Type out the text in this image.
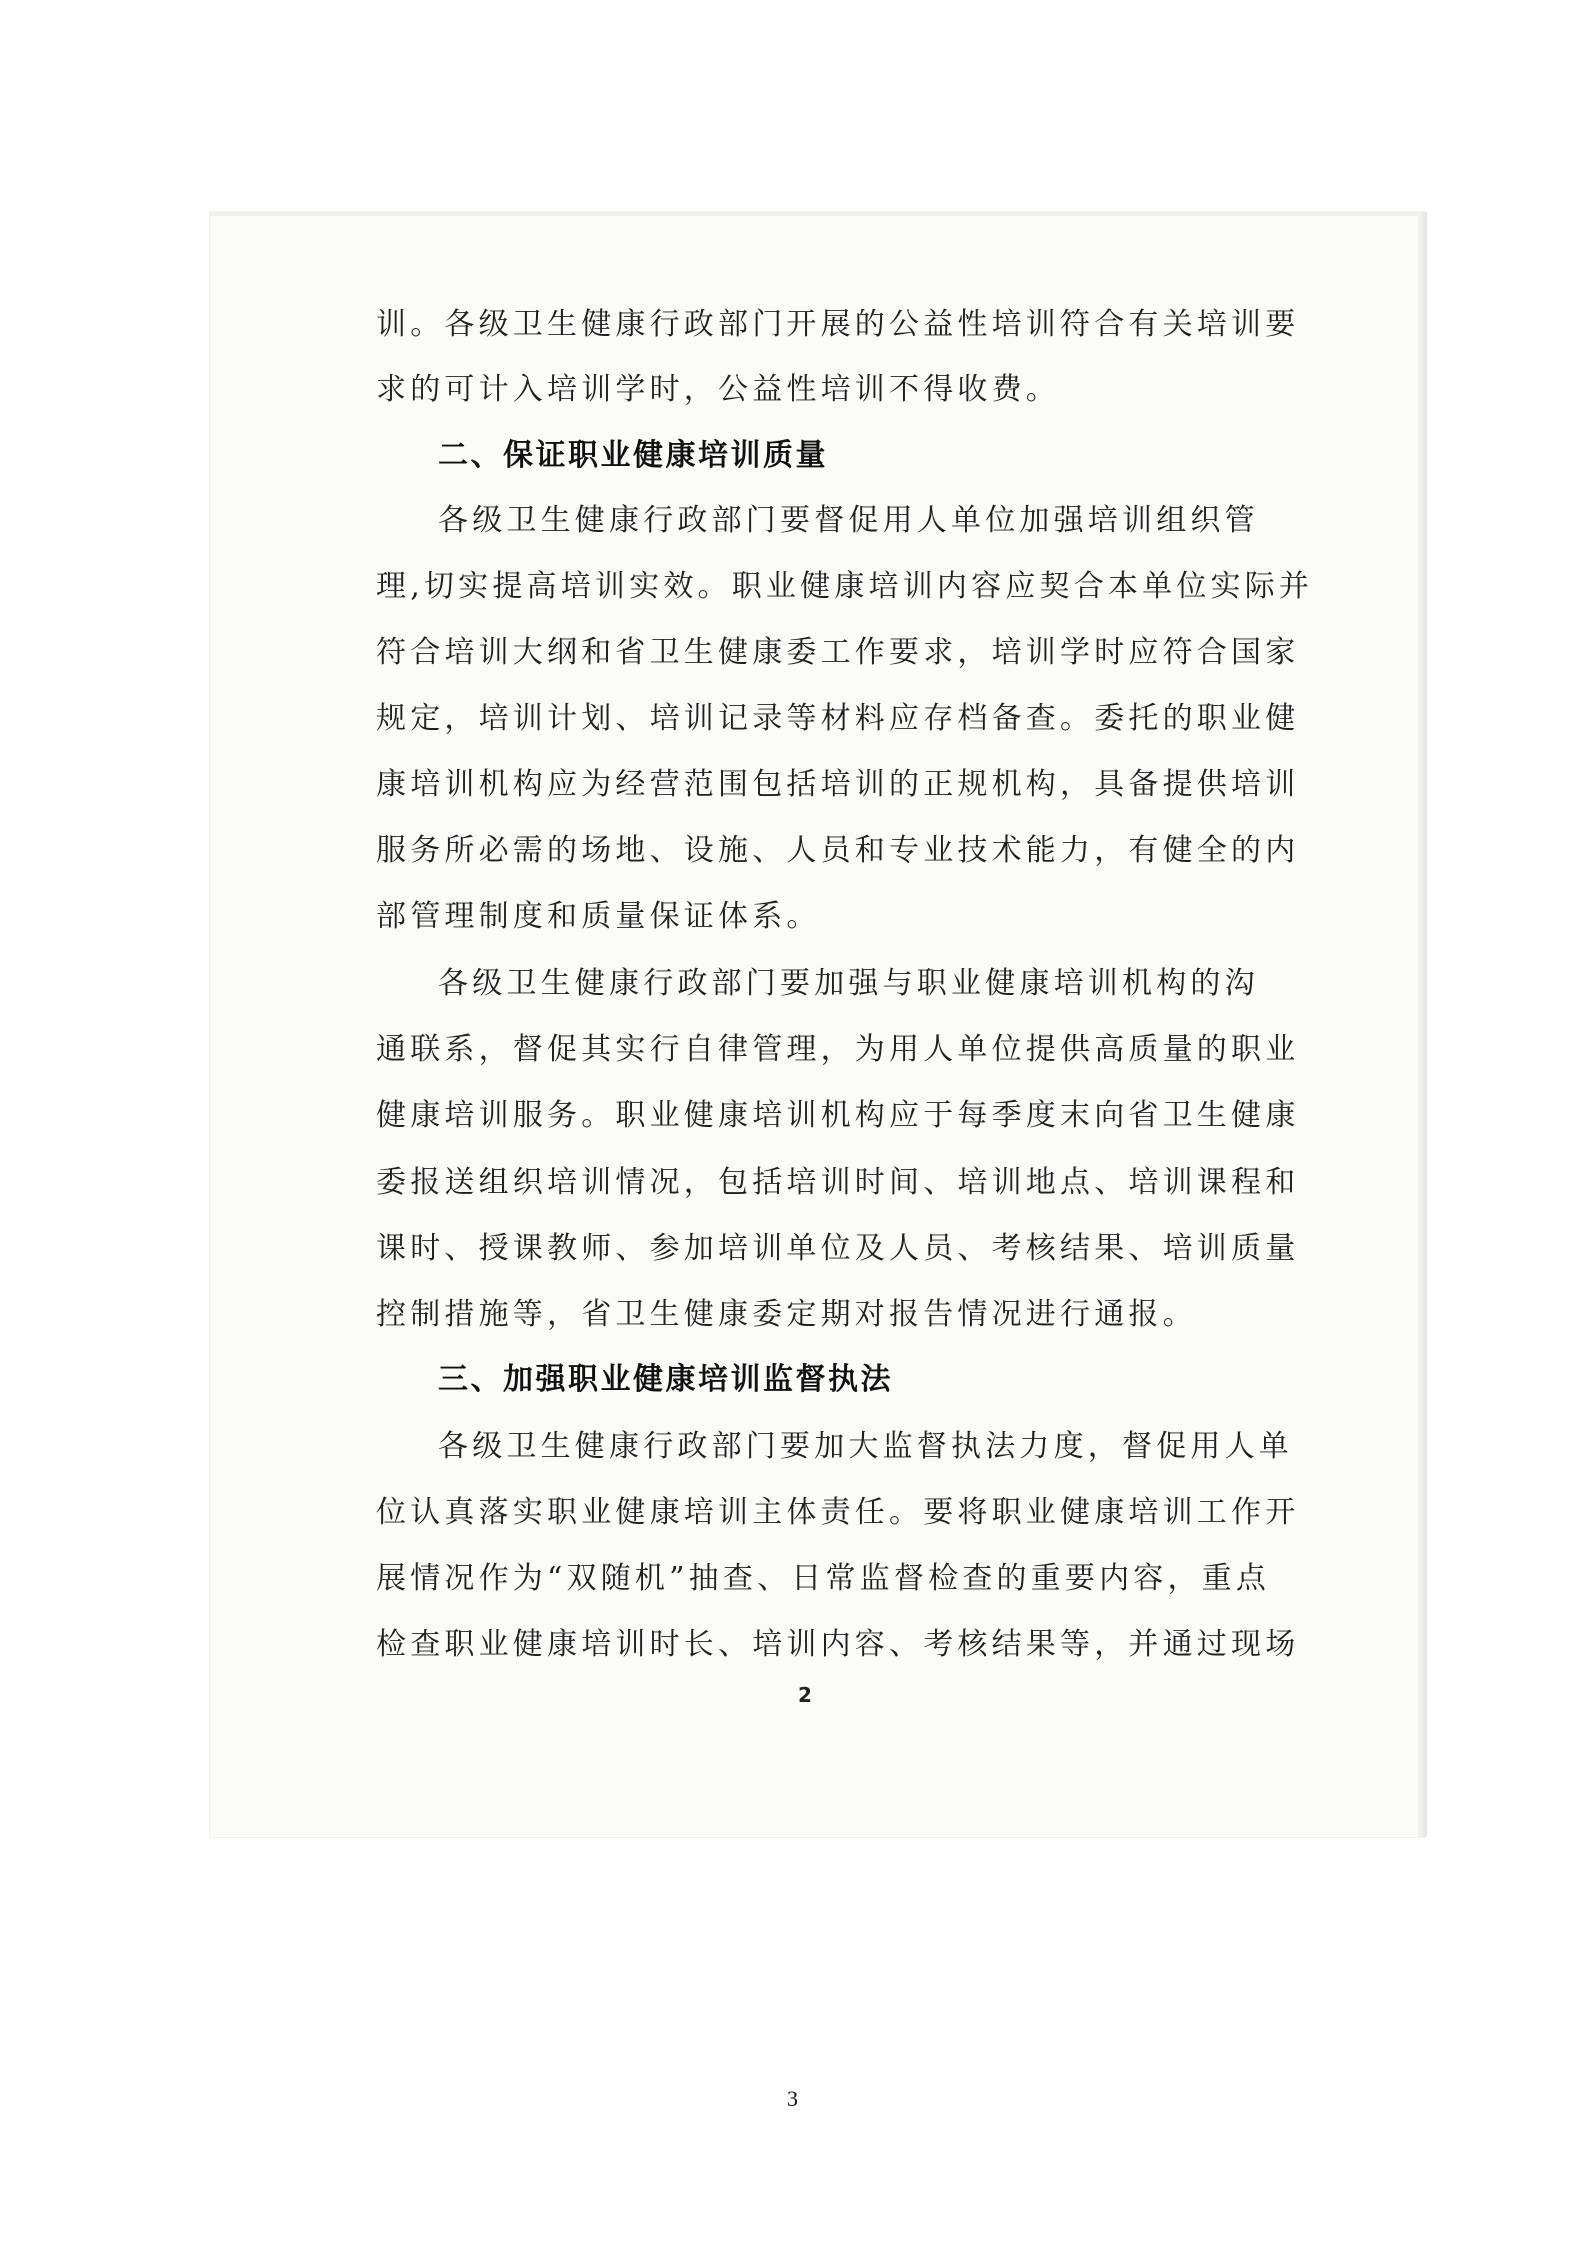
训。各级卫生健康行政部门开展的公益性培训符合有关培训要
求的可计入培训学时，公益性培训不得收费。
二、保证职业健康培训质量
各级卫生健康行政部门要督促用人单位加强培训组织管
理,切实提高培训实效。职业健康培训内容应契合本单位实际并
符合培训大纲和省卫生健康委工作要求，培训学时应符合国家
规定，培训计划、培训记录等材料应存档备查。委托的职业健
康培训机构应为经营范围包括培训的正规机构，具备提供培训
服务所必需的场地、设施、人员和专业技术能力，有健全的内
部管理制度和质量保证体系。
各级卫生健康行政部门要加强与职业健康培训机构的沟
通联系，督促其实行自律管理，为用人单位提供高质量的职业
健康培训服务。职业健康培训机构应于每季度末向省卫生健康
委报送组织培训情况，包括培训时间、培训地点、培训课程和
课时、授课教师、参加培训单位及人员、考核结果、培训质量
控制措施等，省卫生健康委定期对报告情况进行通报。
三、加强职业健康培训监督执法
各级卫生健康行政部门要加大监督执法力度，督促用人单
位认真落实职业健康培训主体责任。要将职业健康培训工作开
展情况作为“双随机”抽查、日常监督检查的重要内容，重点
检查职业健康培训时长、培训内容、考核结果等，并通过现场
2
3
